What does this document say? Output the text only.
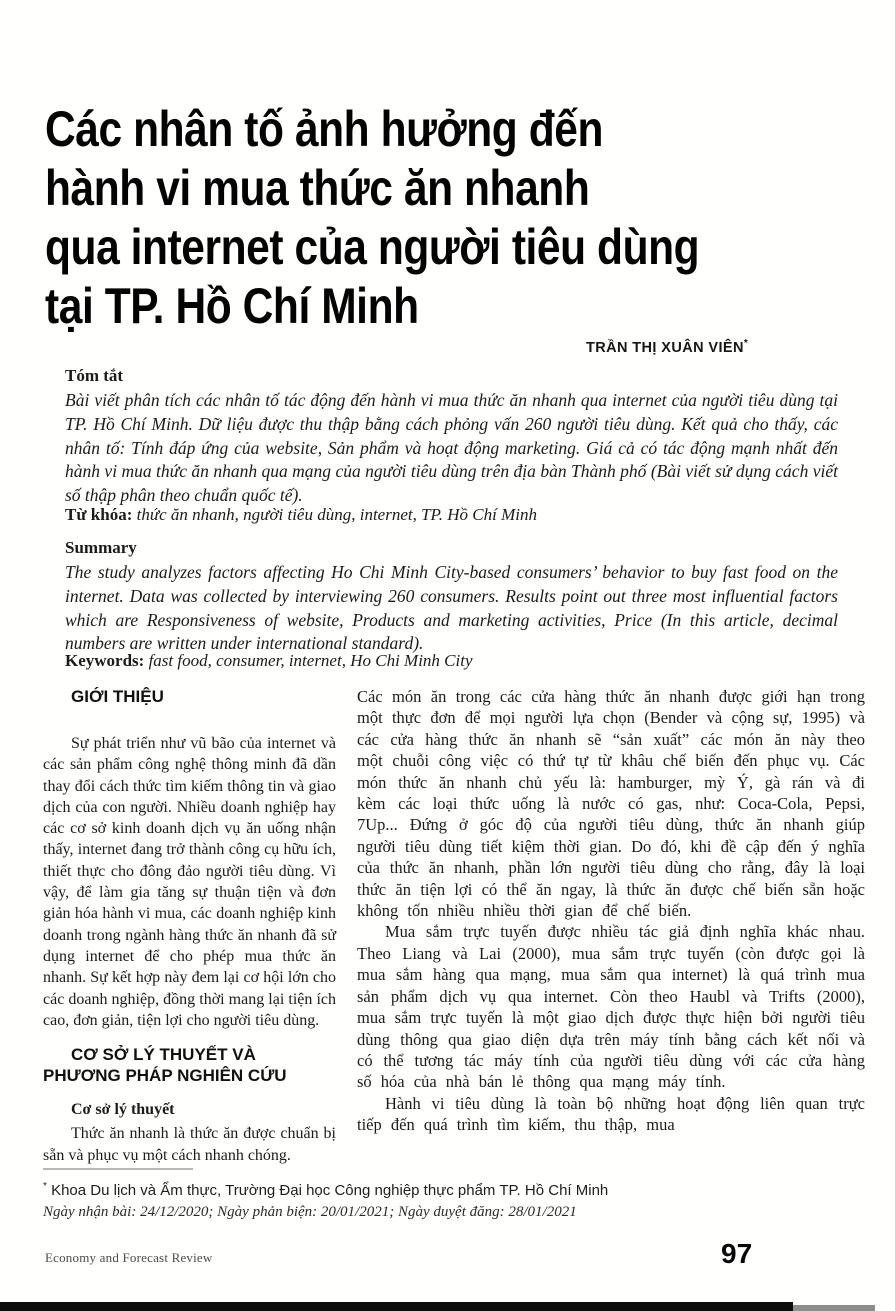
Các nhân tố ảnh hưởng đến
hành vi mua thức ăn nhanh
qua internet của người tiêu dùng
tại TP. Hồ Chí Minh
TRẦN THỊ XUÂN VIÊN*
Tóm tắt

Bài viết phân tích các nhân tố tác động đến hành vi mua thức ăn nhanh qua internet của người tiêu dùng tại TP. Hồ Chí Minh. Dữ liệu được thu thập bằng cách phỏng vấn 260 người tiêu dùng. Kết quả cho thấy, các nhân tố: Tính đáp ứng của website, Sản phẩm và hoạt động marketing. Giá cả có tác động mạnh nhất đến hành vi mua thức ăn nhanh qua mạng của người tiêu dùng trên địa bàn Thành phố (Bài viết sử dụng cách viết số thập phân theo chuẩn quốc tế).

Từ khóa: thức ăn nhanh, người tiêu dùng, internet, TP. Hồ Chí Minh
Summary

The study analyzes factors affecting Ho Chi Minh City-based consumers’ behavior to buy fast food on the internet. Data was collected by interviewing 260 consumers. Results point out three most influential factors which are Responsiveness of website, Products and marketing activities, Price (In this article, decimal numbers are written under international standard).

Keywords: fast food, consumer, internet, Ho Chi Minh City
GIỚI THIỆU

Sự phát triển như vũ bão của internet và các sản phẩm công nghệ thông minh đã dần thay đổi cách thức tìm kiếm thông tin và giao dịch của con người. Nhiều doanh nghiệp hay các cơ sở kinh doanh dịch vụ ăn uống nhận thấy, internet đang trở thành công cụ hữu ích, thiết thực cho đông đảo người tiêu dùng. Vì vậy, để làm gia tăng sự thuận tiện và đơn giản hóa hành vi mua, các doanh nghiệp kinh doanh trong ngành hàng thức ăn nhanh đã sử dụng internet để cho phép mua thức ăn nhanh. Sự kết hợp này đem lại cơ hội lớn cho các doanh nghiệp, đồng thời mang lại tiện ích cao, đơn giản, tiện lợi cho người tiêu dùng.

CƠ SỞ LÝ THUYẾT VÀ PHƯƠNG PHÁP NGHIÊN CỨU
Cơ sở lý thuyết

Thức ăn nhanh là thức ăn được chuẩn bị sẵn và phục vụ một cách nhanh chóng.

Các món ăn trong các cửa hàng thức ăn nhanh được giới hạn trong một thực đơn để mọi người lựa chọn (Bender và cộng sự, 1995) và các cửa hàng thức ăn nhanh sẽ “sản xuất” các món ăn này theo một chuỗi công việc có thứ tự từ khâu chế biến đến phục vụ. Các món thức ăn nhanh chủ yếu là: hamburger, mỳ Ý, gà rán và đi kèm các loại thức uống là nước có gas, như: Coca-Cola, Pepsi, 7Up... Đứng ở góc độ của người tiêu dùng, thức ăn nhanh giúp người tiêu dùng tiết kiệm thời gian. Do đó, khi đề cập đến ý nghĩa của thức ăn nhanh, phần lớn người tiêu dùng cho rằng, đây là loại thức ăn tiện lợi có thể ăn ngay, là thức ăn được chế biến sẵn hoặc không tốn nhiều nhiều thời gian để chế biến.

Mua sắm trực tuyến được nhiều tác giả định nghĩa khác nhau. Theo Liang và Lai (2000), mua sắm trực tuyến (còn được gọi là mua sắm hàng qua mạng, mua sắm qua internet) là quá trình mua sản phẩm dịch vụ qua internet. Còn theo Haubl và Trifts (2000), mua sắm trực tuyến là một giao dịch được thực hiện bởi người tiêu dùng thông qua giao diện dựa trên máy tính bằng cách kết nối và có thể tương tác máy tính của người tiêu dùng với các cửa hàng số hóa của nhà bán lẻ thông qua mạng máy tính.

Hành vi tiêu dùng là toàn bộ những hoạt động liên quan trực tiếp đến quá trình tìm kiếm, thu thập, mua

* Khoa Du lịch và Ẩm thực, Trường Đại học Công nghiệp thực phẩm TP. Hồ Chí Minh
Ngày nhận bài: 24/12/2020; Ngày phản biện: 20/01/2021; Ngày duyệt đăng: 28/01/2021
Economy and Forecast Review	97
